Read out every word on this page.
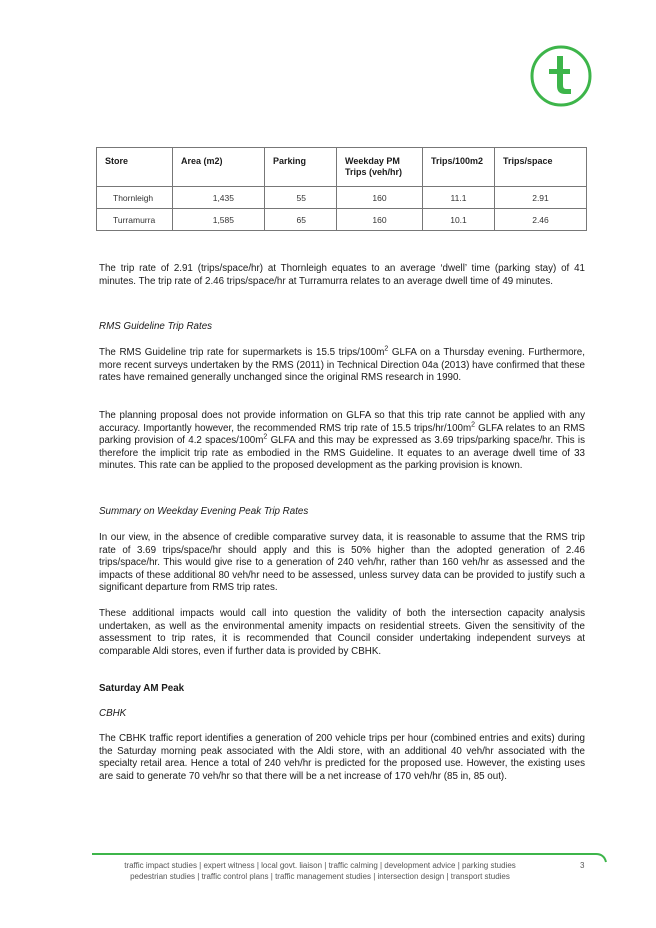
Store	Area (m2)	Parking	Weekday PM Trips (veh/hr)	Trips/100m2	Trips/space
Thornleigh	1,435	55	160	11.1	2.91
Turramurra	1,585	65	160	10.1	2.46

The trip rate of 2.91 (trips/space/hr) at Thornleigh equates to an average ‘dwell’ time (parking stay) of 41 minutes. The trip rate of 2.46 trips/space/hr at Turramurra relates to an average dwell time of 49 minutes.

RMS Guideline Trip Rates

The RMS Guideline trip rate for supermarkets is 15.5 trips/$100m^2$ GLFA on a Thursday evening. Furthermore, more recent surveys undertaken by the RMS (2011) in Technical Direction 04a (2013) have confirmed that these rates have remained generally unchanged since the original RMS research in 1990.

The planning proposal does not provide information on GLFA so that this trip rate cannot be applied with any accuracy. Importantly however, the recommended RMS trip rate of 15.5 trips/$hr/100m^2$ GLFA relates to an RMS parking provision of 4.2 spaces/$100m^2$ GLFA and this may be expressed as 3.69 trips/parking space/hr. This is therefore the implicit trip rate as embodied in the RMS Guideline. It equates to an average dwell time of 33 minutes. This rate can be applied to the proposed development as the parking provision is known.

Summary on Weekday Evening Peak Trip Rates

In our view, in the absence of credible comparative survey data, it is reasonable to assume that the RMS trip rate of 3.69 trips/space/hr should apply and this is 50% higher than the adopted generation of 2.46 trips/space/hr. This would give rise to a generation of 240 veh/hr, rather than 160 veh/hr as assessed and the impacts of these additional 80 veh/hr need to be assessed, unless survey data can be provided to justify such a significant departure from RMS trip rates.

These additional impacts would call into question the validity of both the intersection capacity analysis undertaken, as well as the environmental amenity impacts on residential streets. Given the sensitivity of the assessment to trip rates, it is recommended that Council consider undertaking independent surveys at comparable Aldi stores, even if further data is provided by CBHK.

Saturday AM Peak

CBHK

The CBHK traffic report identifies a generation of 200 vehicle trips per hour (combined entries and exits) during the Saturday morning peak associated with the Aldi store, with an additional 40 veh/hr associated with the specialty retail area. Hence a total of 240 veh/hr is predicted for the proposed use. However, the existing uses are said to generate 70 veh/hr so that there will be a net increase of 170 veh/hr (85 in, 85 out).

traffic impact studies | expert witness | local govt. liaison | traffic calming | development advice | parking studies
pedestrian studies | traffic control plans | traffic management studies | intersection design | transport studies
3
